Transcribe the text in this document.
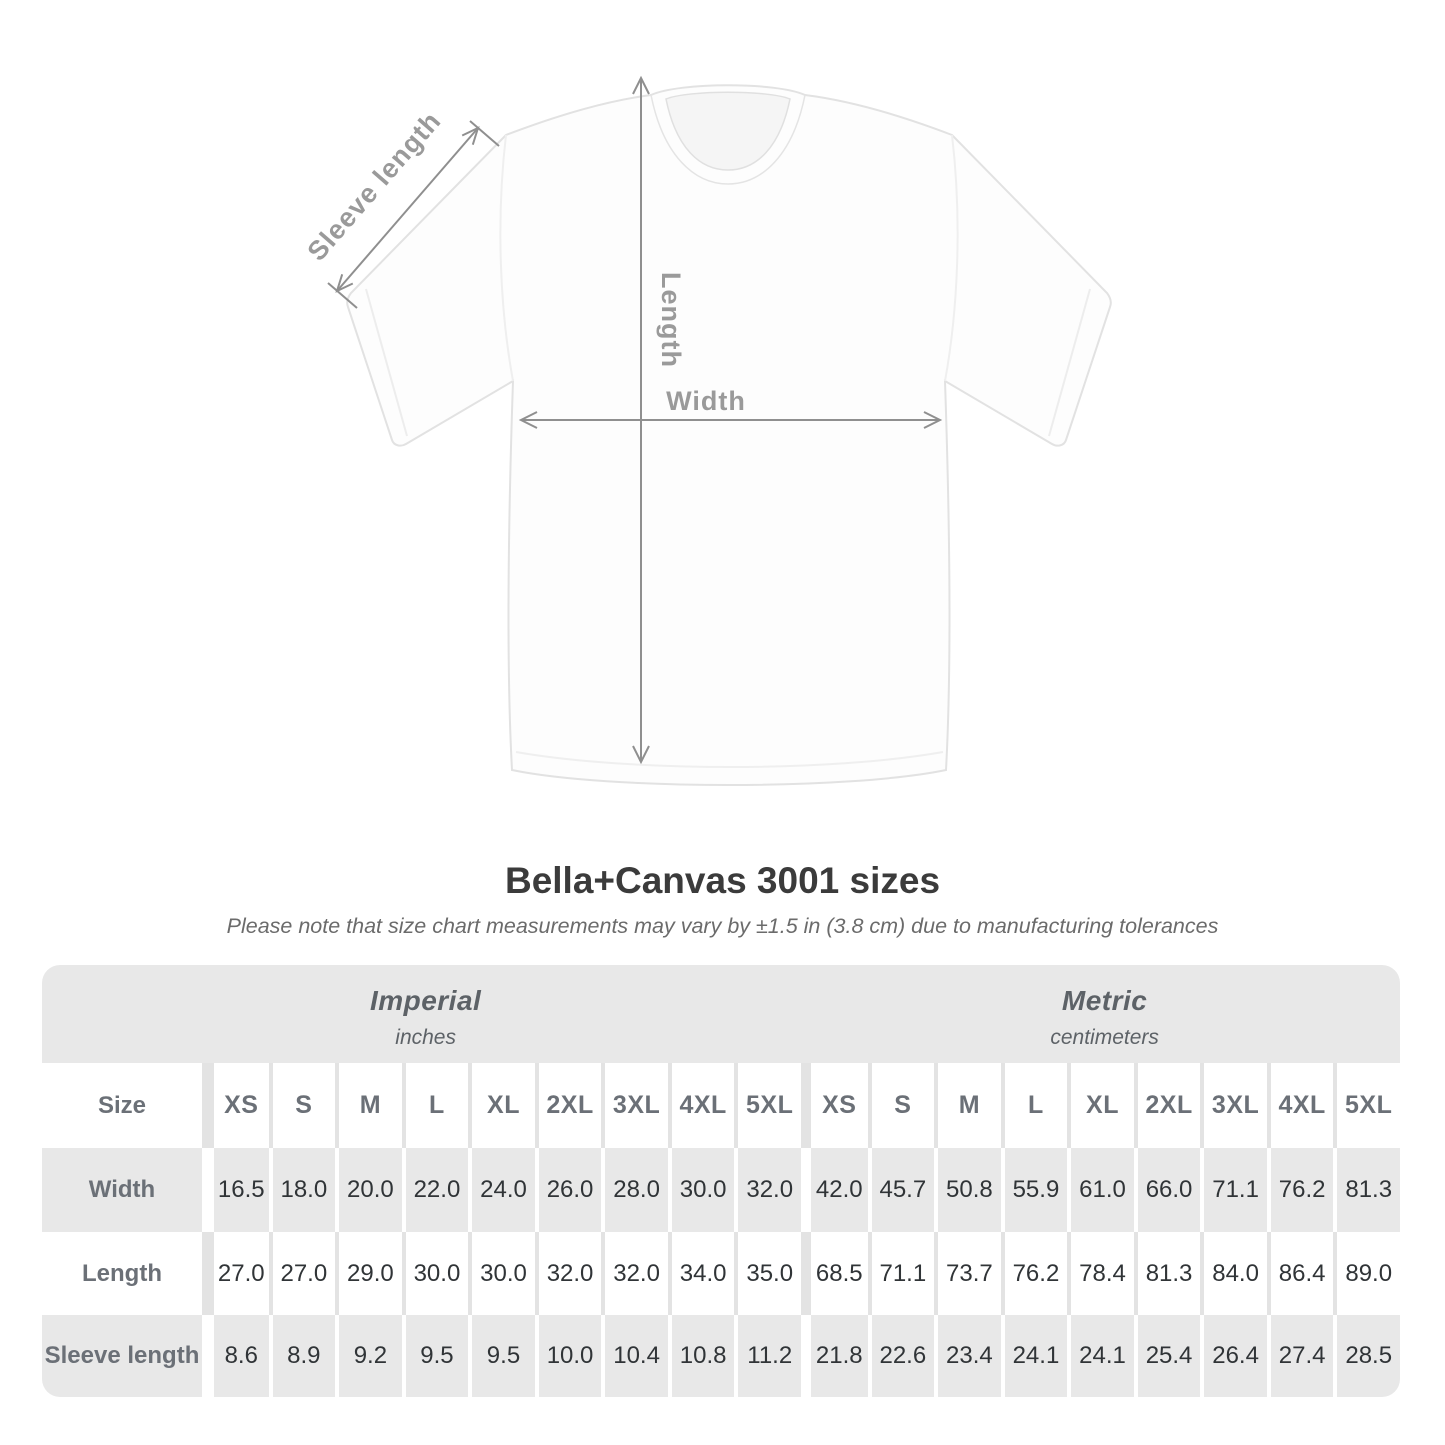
Length
Width
Sleeve length
Bella+Canvas 3001 sizes
Please note that size chart measurements may vary by ±1.5 in (3.8 cm) due to manufacturing tolerances
Imperial
inches
Metric
centimeters
Size	XS	S	M	L	XL	2XL 3XL 4XL 5XL	XS	S	M	L	XL	2XL 3XL 4XL 5XL
Width	16.5 18.0 20.0 22.0 24.0 26.0 28.0 30.0 32.0 42.0 45.7 50.8 55.9 61.0 66.0 71.1 76.2 81.3
Length	27.0 27.0 29.0 30.0 30.0 32.0 32.0 34.0 35.0 68.5 71.1 73.7 76.2 78.4 81.3 84.0 86.4 89.0
Sleeve length	8.6	8.9	9.2	9.5	9.5	10.0 10.4 10.8 11.2 21.8 22.6 23.4 24.1 24.1 25.4 26.4 27.4 28.5
